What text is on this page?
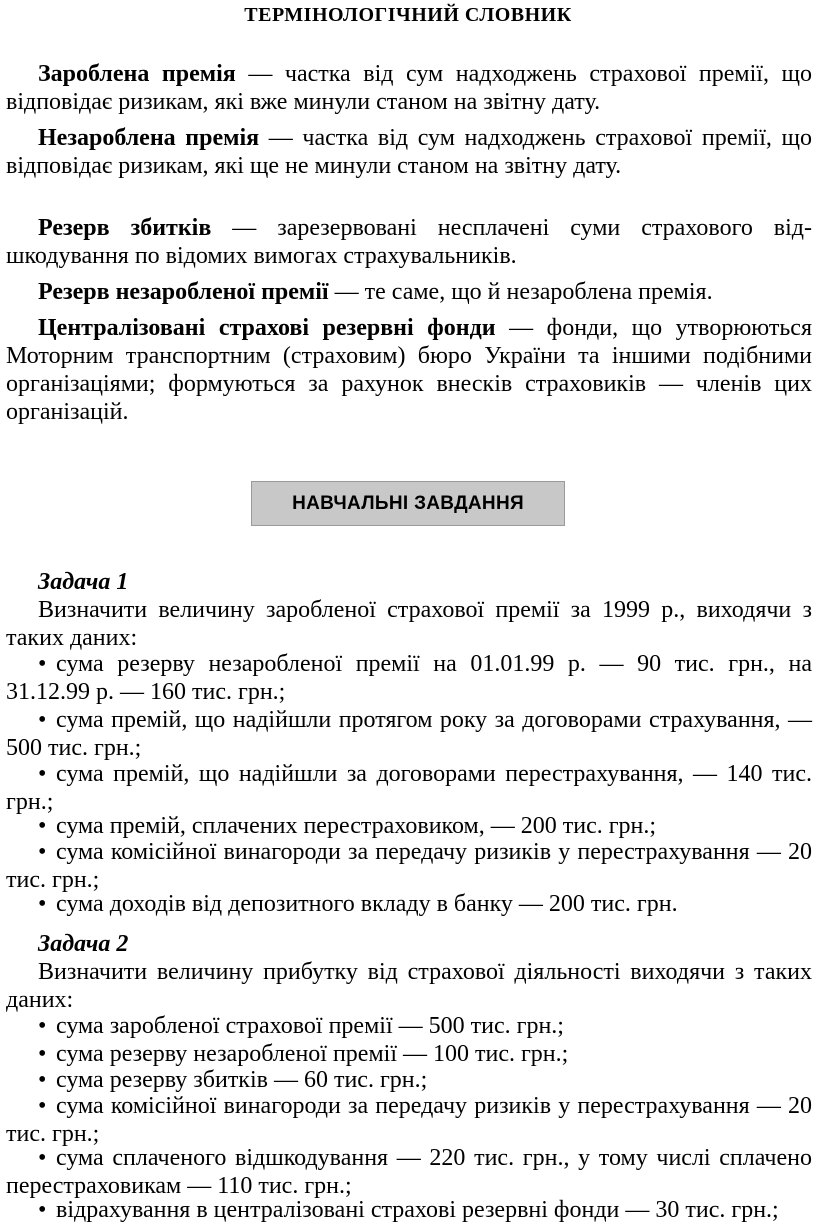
ТЕРМІНОЛОГІЧНИЙ СЛОВНИК

Зароблена премія — частка від сум надходжень страхової премії, що відповідає ризикам, які вже минули станом на звітну дату.

Незароблена премія — частка від сум надходжень страхової премії, що відповідає ризикам, які ще не минули станом на звітну дату.

Резерв збитків — зарезервовані несплачені суми страхового відшкодування по відомих вимогах страхувальників.

Резерв незаробленої премії — те саме, що й незароблена премія.

Централізовані страхові резервні фонди — фонди, що утворюються Моторним транспортним (страховим) бюро України та іншими подібними організаціями; формуються за рахунок внесків страховиків — членів цих організацій.

НАВЧАЛЬНІ ЗАВДАННЯ

Задача 1

Визначити величину заробленої страхової премії за 1999 р., виходячи з таких даних:

• сума резерву незаробленої премії на 01.01.99 р. — 90 тис. грн., на 31.12.99 р. — 160 тис. грн.;

• сума премій, що надійшли протягом року за договорами страхування, — 500 тис. грн.;

• сума премій, що надійшли за договорами перестрахування, — 140 тис. грн.;

• сума премій, сплачених перестраховиком, — 200 тис. грн.;

• сума комісійної винагороди за передачу ризиків у перестрахування — 20 тис. грн.;

• сума доходів від депозитного вкладу в банку — 200 тис. грн.

Задача 2

Визначити величину прибутку від страхової діяльності виходячи з таких даних:

• сума заробленої страхової премії — 500 тис. грн.;

• сума резерву незаробленої премії — 100 тис. грн.;

• сума резерву збитків — 60 тис. грн.;

• сума комісійної винагороди за передачу ризиків у перестрахування — 20 тис. грн.;

• сума сплаченого відшкодування — 220 тис. грн., у тому числі сплачено перестраховикам — 110 тис. грн.;

• відрахування в централізовані страхові резервні фонди — 30 тис. грн.;
